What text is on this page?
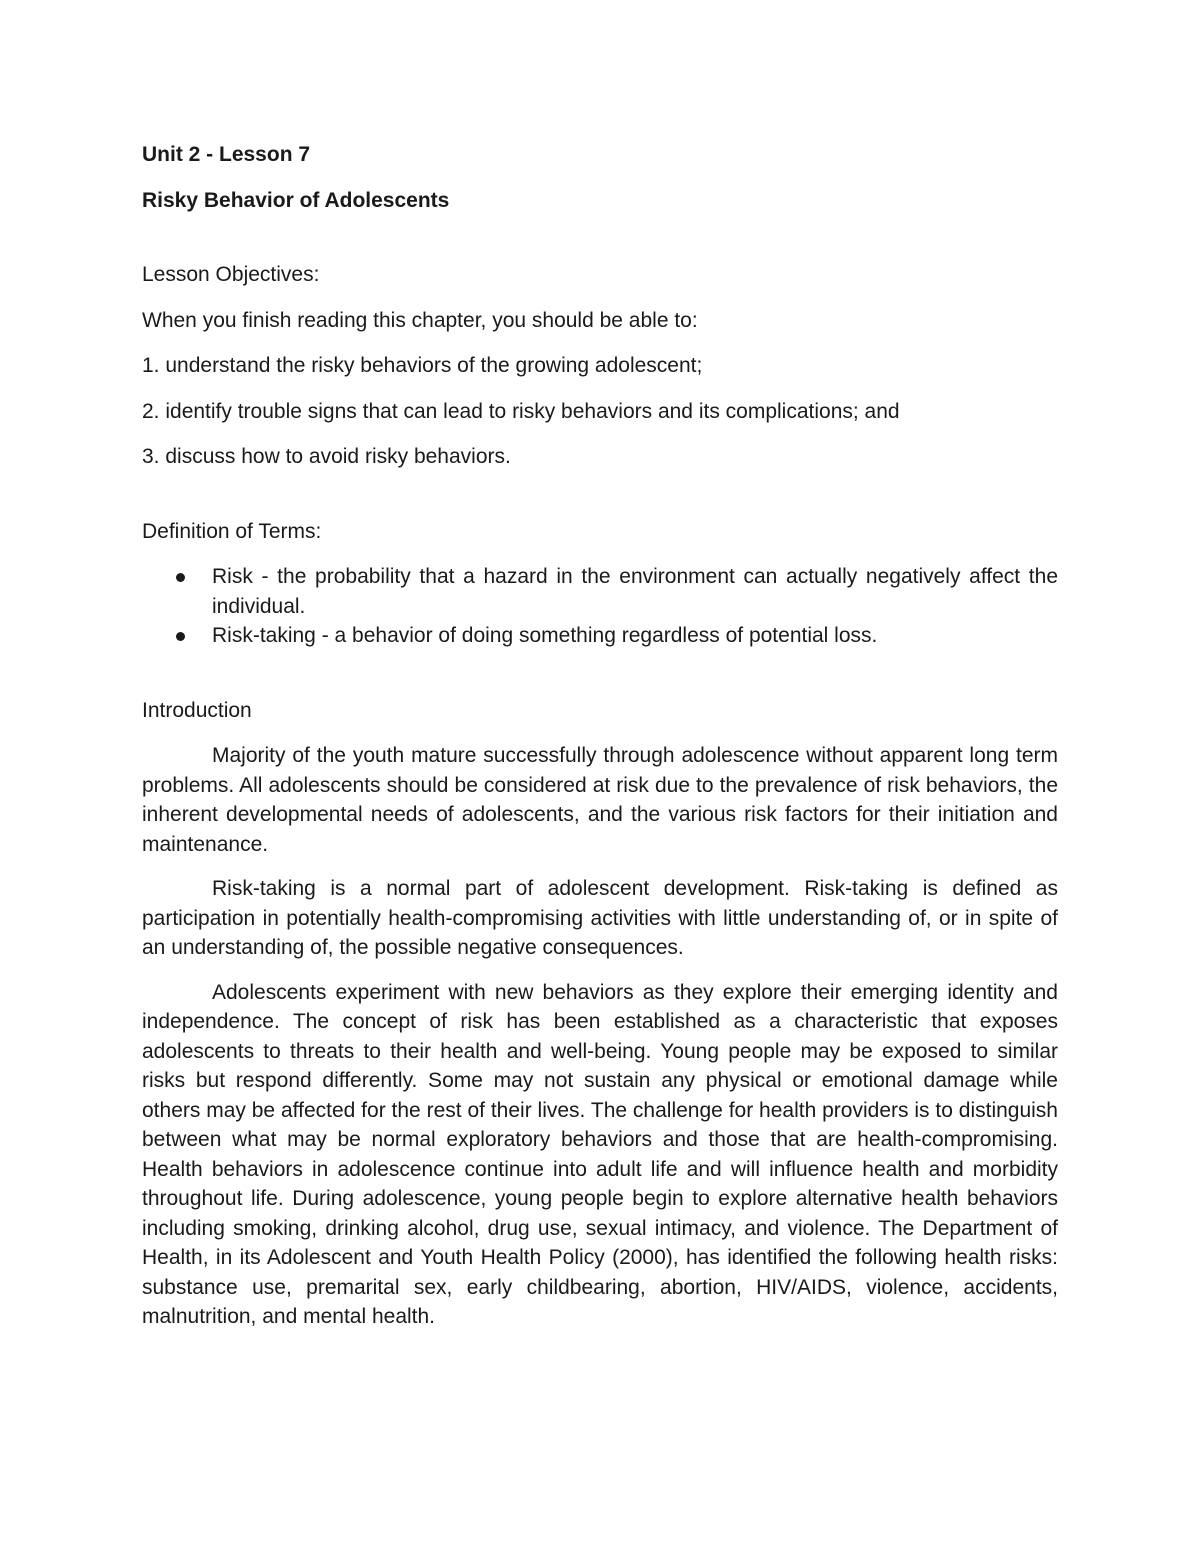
Unit 2 - Lesson 7

Risky Behavior of Adolescents

Lesson Objectives:

When you finish reading this chapter, you should be able to:

1. understand the risky behaviors of the growing adolescent;

2. identify trouble signs that can lead to risky behaviors and its complications; and

3. discuss how to avoid risky behaviors.

Definition of Terms:

Risk - the probability that a hazard in the environment can actually negatively affect the individual.
Risk-taking - a behavior of doing something regardless of potential loss.

Introduction

Majority of the youth mature successfully through adolescence without apparent long term problems. All adolescents should be considered at risk due to the prevalence of risk behaviors, the inherent developmental needs of adolescents, and the various risk factors for their initiation and maintenance.

Risk-taking is a normal part of adolescent development. Risk-taking is defined as participation in potentially health-compromising activities with little understanding of, or in spite of an understanding of, the possible negative consequences.

Adolescents experiment with new behaviors as they explore their emerging identity and independence. The concept of risk has been established as a characteristic that exposes adolescents to threats to their health and well-being. Young people may be exposed to similar risks but respond differently. Some may not sustain any physical or emotional damage while others may be affected for the rest of their lives. The challenge for health providers is to distinguish between what may be normal exploratory behaviors and those that are health-compromising. Health behaviors in adolescence continue into adult life and will influence health and morbidity throughout life. During adolescence, young people begin to explore alternative health behaviors including smoking, drinking alcohol, drug use, sexual intimacy, and violence. The Department of Health, in its Adolescent and Youth Health Policy (2000), has identified the following health risks: substance use, premarital sex, early childbearing, abortion, HIV/AIDS, violence, accidents, malnutrition, and mental health.
